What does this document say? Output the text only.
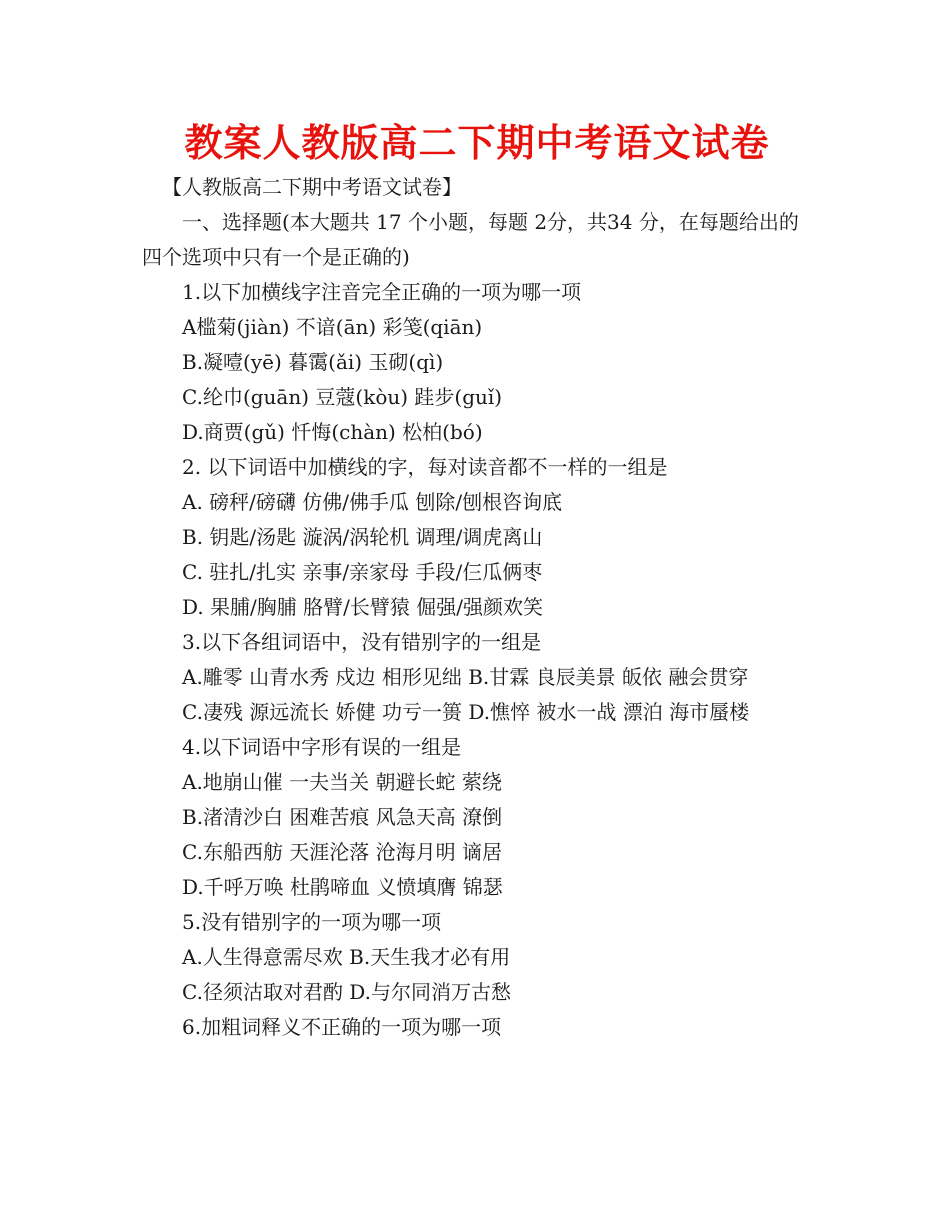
教案人教版高二下期中考语文试卷
【人教版高二下期中考语文试卷】
一、选择题(本大题共 17 个小题，每题 2分，共34 分，在每题给出的四个选项中只有一个是正确的)
1.以下加横线字注音完全正确的一项为哪一项
A槛菊(jiàn) 不谙(ān) 彩笺(qiān)
B.凝噎(yē) 暮霭(ǎi) 玉砌(qì)
C.纶巾(guān) 豆蔻(kòu) 跬步(guǐ)
D.商贾(gǔ) 忏悔(chàn) 松柏(bó)
2. 以下词语中加横线的字，每对读音都不一样的一组是
A. 磅秤/磅礴 仿佛/佛手瓜 刨除/刨根咨询底
B. 钥匙/汤匙 漩涡/涡轮机 调理/调虎离山
C. 驻扎/扎实 亲事/亲家母 手段/仨瓜俩枣
D. 果脯/胸脯 胳臂/长臂猿 倔强/强颜欢笑
3.以下各组词语中，没有错别字的一组是
A.雕零 山青水秀 戍边 相形见绌 B.甘霖 良辰美景 皈依 融会贯穿
C.凄残 源远流长 娇健 功亏一篑 D.憔悴 被水一战 漂泊 海市蜃楼
4.以下词语中字形有误的一组是
A.地崩山催 一夫当关 朝避长蛇 萦绕
B.渚清沙白 困难苦痕 风急天高 潦倒
C.东船西舫 天涯沦落 沧海月明 谪居
D.千呼万唤 杜鹃啼血 义愤填膺 锦瑟
5.没有错别字的一项为哪一项
A.人生得意需尽欢 B.天生我才必有用
C.径须沽取对君酌 D.与尔同消万古愁
6.加粗词释义不正确的一项为哪一项
